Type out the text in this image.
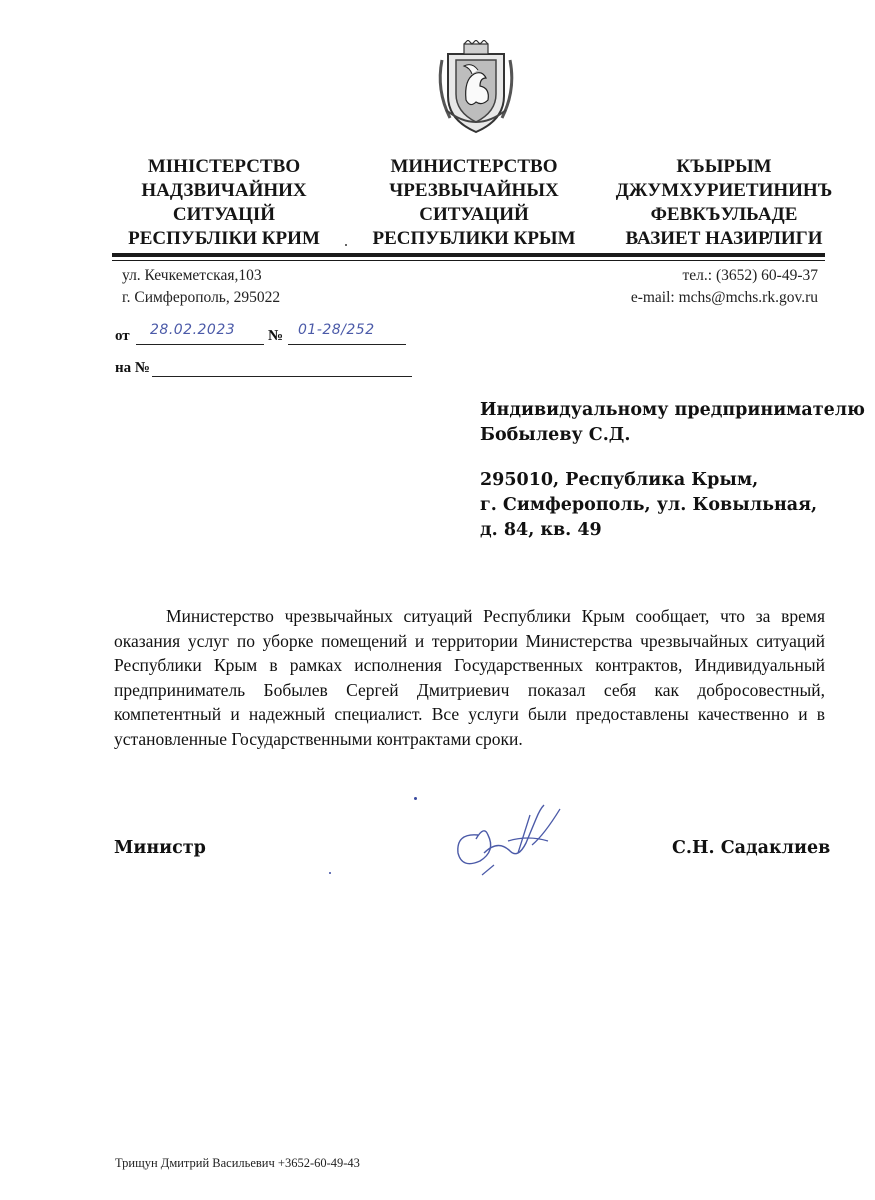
МІНІСТЕРСТВО
НАДЗВИЧАЙНИХ
СИТУАЦІЙ
РЕСПУБЛІКИ КРИМ
МИНИСТЕРСТВО
ЧРЕЗВЫЧАЙНЫХ
СИТУАЦИЙ
РЕСПУБЛИКИ КРЫМ
КЪЫРЫМ
ДЖУМХУРИЕТИНИНЪ
ФЕВКЪУЛЬАДЕ
ВАЗИЕТ НАЗИРЛИГИ
ул. Кечкеметская,103
г. Симферополь, 295022
тел.: (3652) 60-49-37
e-mail: mchs@mchs.rk.gov.ru
от 28.02.2023 № 01-28/252
на №
Индивидуальному предпринимателю
Бобылеву С.Д.
295010, Республика Крым,
г. Симферополь, ул. Ковыльная,
д. 84, кв. 49

Министерство чрезвычайных ситуаций Республики Крым сообщает, что за время оказания услуг по уборке помещений и территории Министерства чрезвычайных ситуаций Республики Крым в рамках исполнения Государственных контрактов, Индивидуальный предприниматель Бобылев Сергей Дмитриевич показал себя как добросовестный, компетентный и надежный специалист. Все услуги были предоставлены качественно и в установленные Государственными контрактами сроки.

Министр	С.Н. Садаклиев
Трищун Дмитрий Васильевич +3652-60-49-43
